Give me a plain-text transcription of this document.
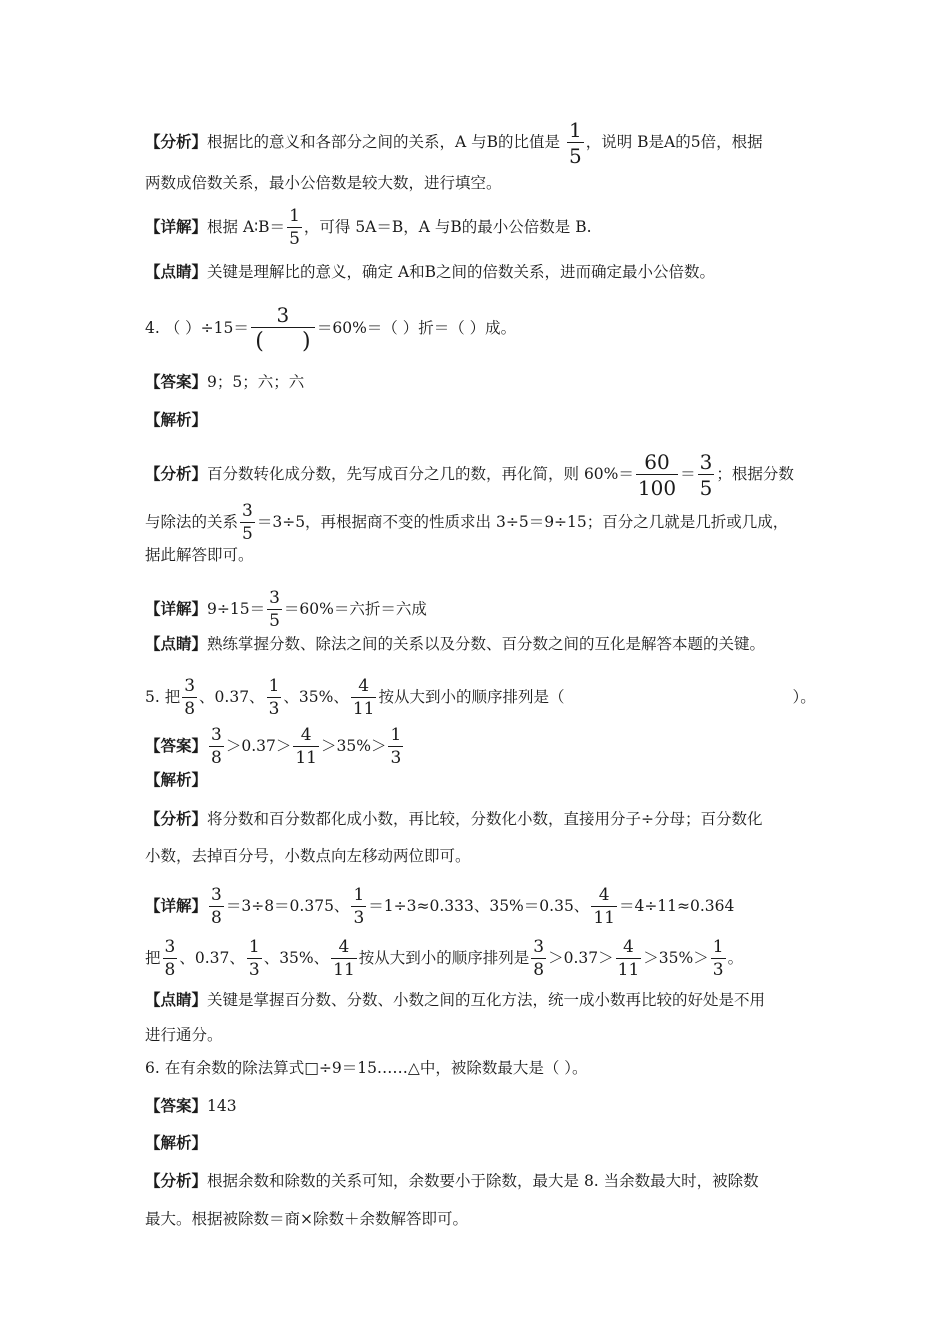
【分析】根据比的意义和各部分之间的关系，A 与B的比值是 $\frac{1}{5}$ ，说明 B是A的5倍，根据
两数成倍数关系，最小公倍数是较大数，进行填空。
【详解】根据 A∶B＝ $\frac{1}{5}$ ，可得 5A＝B，A 与B的最小公倍数是 B.
【点睛】关键是理解比的意义，确定 A和B之间的倍数关系，进而确定最小公倍数。
4. （ ）$\div 15= \frac{3}{( )} =60\%=$（ ）折＝（ ）成。
【答案】9；5；六；六
【解析】
【分析】百分数转化成分数，先写成百分之几的数，再化简，则 $60\%= \frac{60}{100} = \frac{3}{5}$ ；根据分数
与除法的关系 $\frac{3}{5} =3\div 5$，再根据商不变的性质求出 3÷5＝9÷15；百分之几就是几折或几成，
据此解答即可。
【详解】$9\div 15= \frac{3}{5} =60\%=$六折＝六成
【点睛】熟练掌握分数、除法之间的关系以及分数、百分数之间的互化是解答本题的关键。
5. 把 $\frac{3}{8}$ 、0.37、 $\frac{1}{3}$ 、35%、 $\frac{4}{11}$ 按从大到小的顺序排列是（	）。
【答案】 $\frac{3}{8} >0.37> \frac{4}{11} >35\%> \frac{1}{3}$
【解析】
【分析】将分数和百分数都化成小数，再比较，分数化小数，直接用分子÷分母；百分数化
小数，去掉百分号，小数点向左移动两位即可。
【详解】 $\frac{3}{8} =3\div 8=0.375$、 $\frac{1}{3} =1\div 3\approx 0.333$、35%＝0.35、 $\frac{4}{11} =4\div 11\approx 0.364$
把 $\frac{3}{8}$ 、0.37、 $\frac{1}{3}$ 、35%、 $\frac{4}{11}$ 按从大到小的顺序排列是 $\frac{3}{8} >0.37> \frac{4}{11} >35\%> \frac{1}{3}$ 。
【点睛】关键是掌握百分数、分数、小数之间的互化方法，统一成小数再比较的好处是不用
进行通分。
6. 在有余数的除法算式□÷9＝15……△中，被除数最大是（ ）。
【答案】143
【解析】
【分析】根据余数和除数的关系可知，余数要小于除数，最大是 8. 当余数最大时，被除数
最大。根据被除数＝商×除数＋余数解答即可。
